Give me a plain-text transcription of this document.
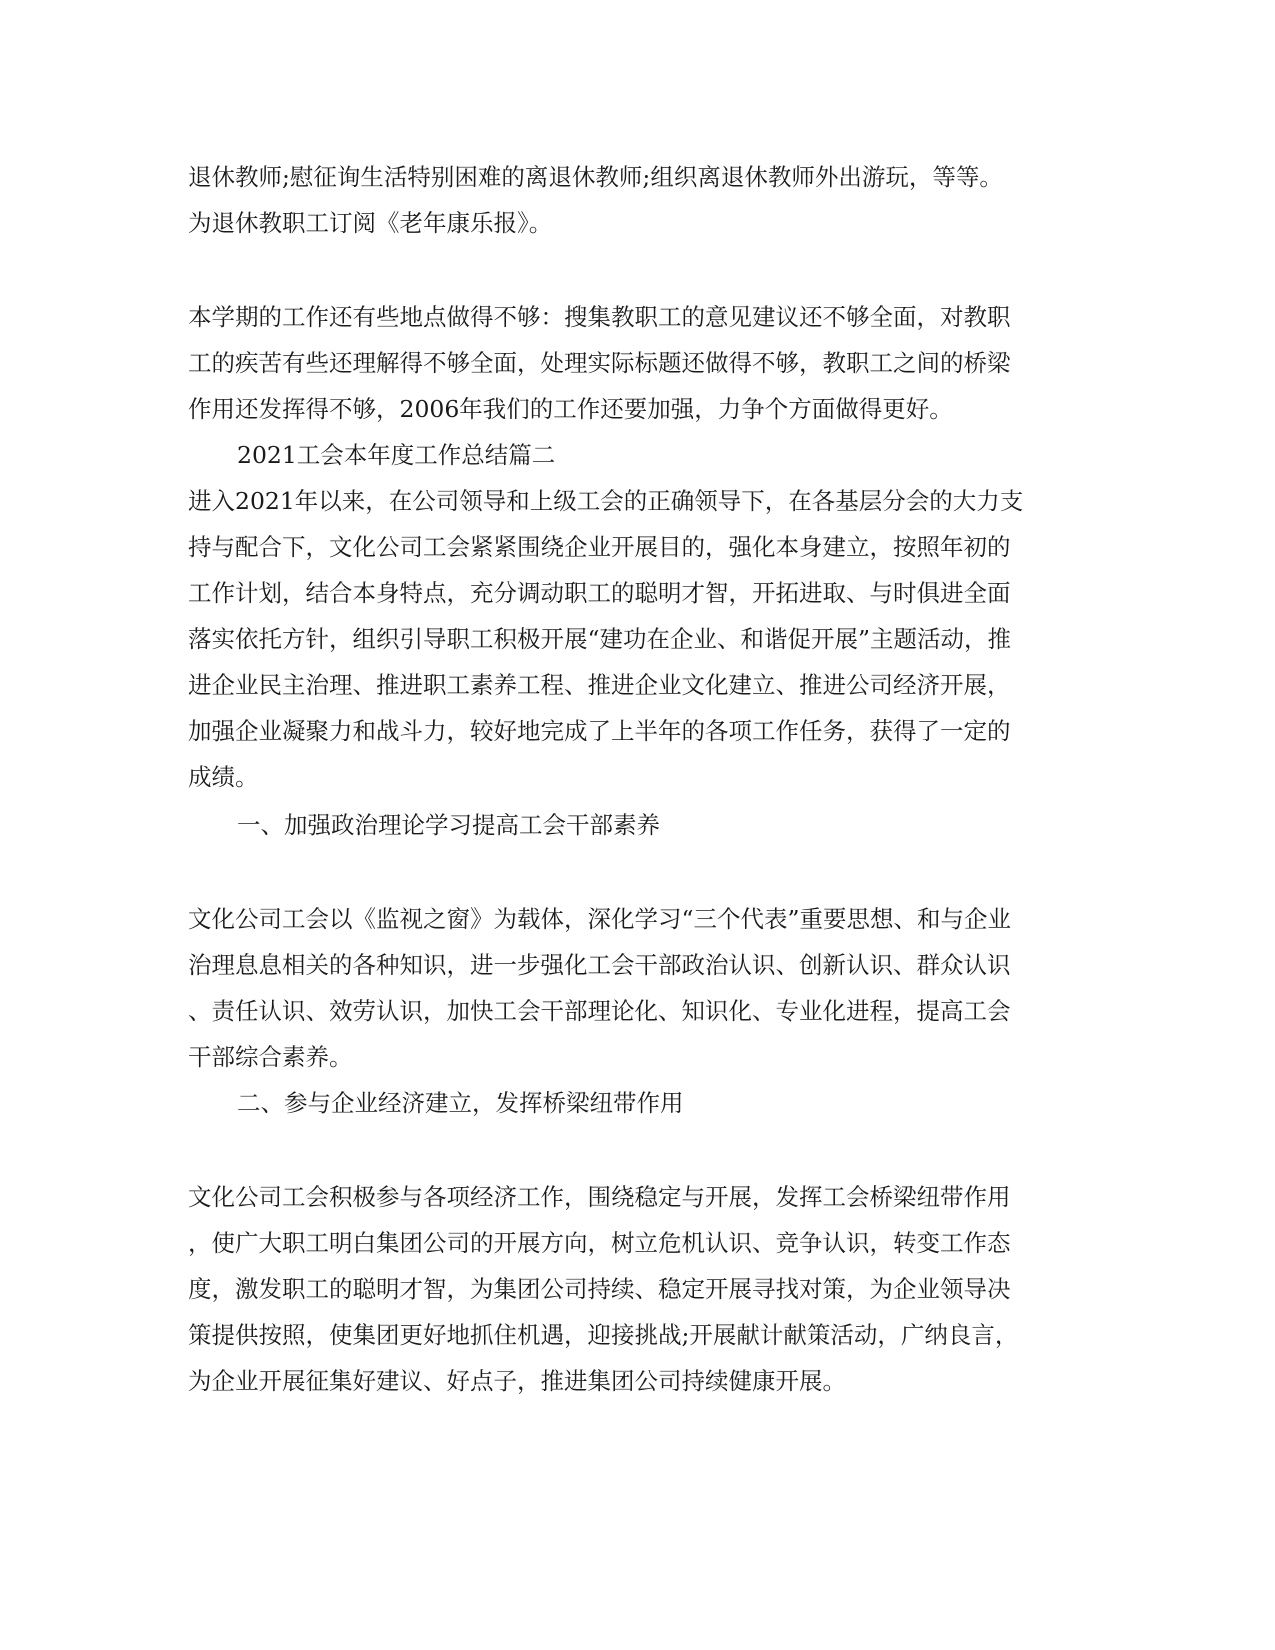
退休教师;慰征询生活特别困难的离退休教师;组织离退休教师外出游玩，等等。
为退休教职工订阅《老年康乐报》。
本学期的工作还有些地点做得不够：搜集教职工的意见建议还不够全面，对教职
工的疾苦有些还理解得不够全面，处理实际标题还做得不够，教职工之间的桥梁
作用还发挥得不够，2006年我们的工作还要加强，力争个方面做得更好。
2021工会本年度工作总结篇二
进入2021年以来，在公司领导和上级工会的正确领导下，在各基层分会的大力支
持与配合下，文化公司工会紧紧围绕企业开展目的，强化本身建立，按照年初的
工作计划，结合本身特点，充分调动职工的聪明才智，开拓进取、与时俱进全面
落实依托方针，组织引导职工积极开展“建功在企业、和谐促开展”主题活动，推
进企业民主治理、推进职工素养工程、推进企业文化建立、推进公司经济开展，
加强企业凝聚力和战斗力，较好地完成了上半年的各项工作任务，获得了一定的
成绩。
一、加强政治理论学习提高工会干部素养
文化公司工会以《监视之窗》为载体，深化学习“三个代表”重要思想、和与企业
治理息息相关的各种知识，进一步强化工会干部政治认识、创新认识、群众认识
、责任认识、效劳认识，加快工会干部理论化、知识化、专业化进程，提高工会
干部综合素养。
二、参与企业经济建立，发挥桥梁纽带作用
文化公司工会积极参与各项经济工作，围绕稳定与开展，发挥工会桥梁纽带作用
，使广大职工明白集团公司的开展方向，树立危机认识、竞争认识，转变工作态
度，激发职工的聪明才智，为集团公司持续、稳定开展寻找对策，为企业领导决
策提供按照，使集团更好地抓住机遇，迎接挑战;开展献计献策活动，广纳良言，
为企业开展征集好建议、好点子，推进集团公司持续健康开展。
